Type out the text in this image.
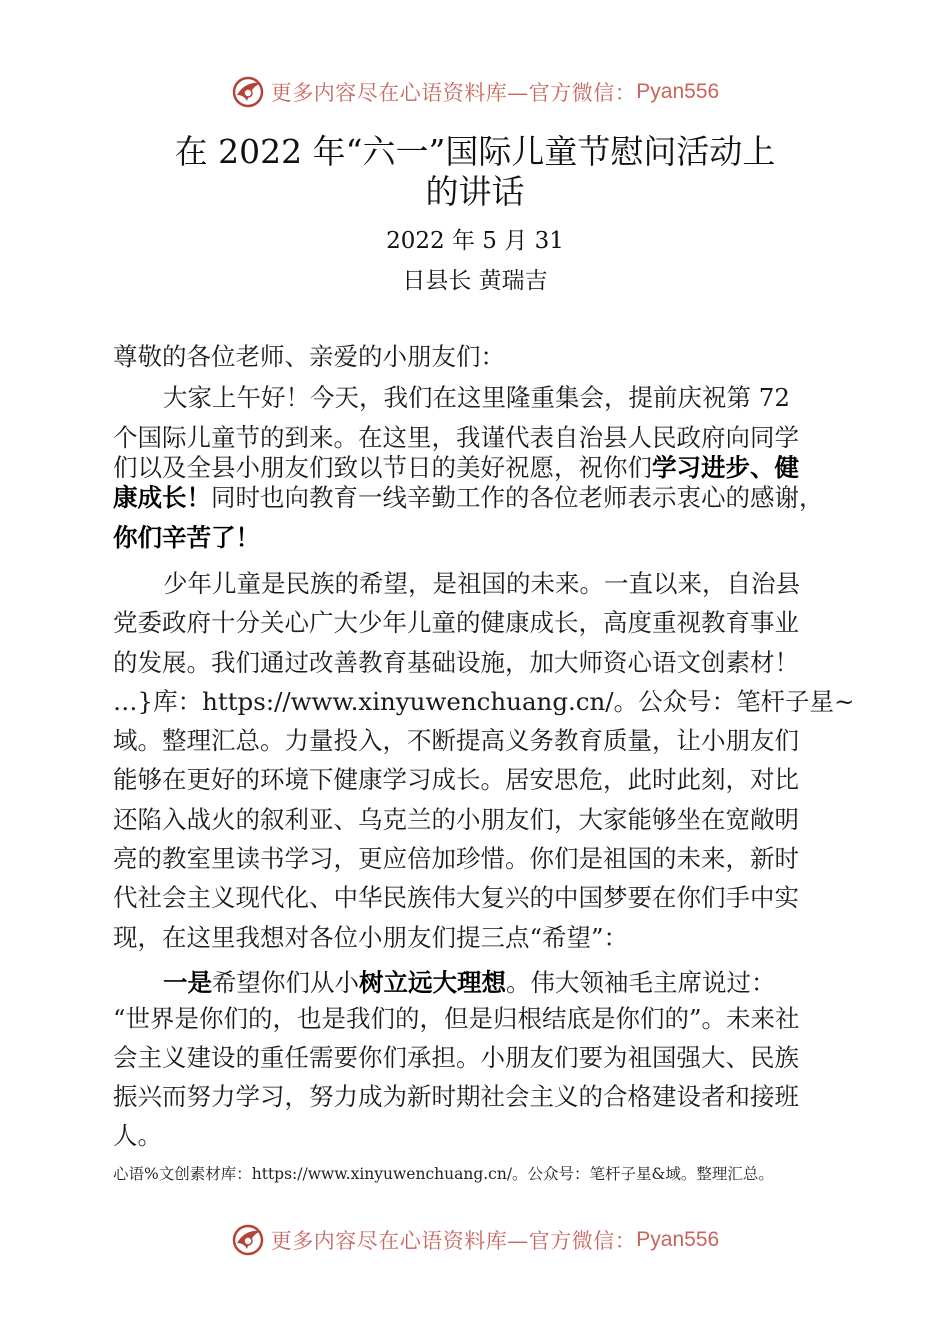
更多内容尽在心语资料库—官方微信： Pyan556
在 2022 年“六一”国际儿童节慰问活动上
的讲话
2022 年 5 月 31
日县长 黄瑞吉
尊敬的各位老师、亲爱的小朋友们：
大家上午好！今天，我们在这里隆重集会，提前庆祝第 72
个国际儿童节的到来。在这里，我谨代表自治县人民政府向同学
们以及全县小朋友们致以节日的美好祝愿，祝你们学习进步、健
康成长！同时也向教育一线辛勤工作的各位老师表示衷心的感谢，
你们辛苦了！
少年儿童是民族的希望，是祖国的未来。一直以来，自治县
党委政府十分关心广大少年儿童的健康成长，高度重视教育事业
的发展。我们通过改善教育基础设施，加大师资心语文创素材！
…}库：https://www.xinyuwenchuang.cn/。公众号：笔杆子星~
域。整理汇总。力量投入，不断提高义务教育质量，让小朋友们
能够在更好的环境下健康学习成长。居安思危，此时此刻，对比
还陷入战火的叙利亚、乌克兰的小朋友们，大家能够坐在宽敞明
亮的教室里读书学习，更应倍加珍惜。你们是祖国的未来，新时
代社会主义现代化、中华民族伟大复兴的中国梦要在你们手中实
现，在这里我想对各位小朋友们提三点“希望”：
一是希望你们从小树立远大理想。伟大领袖毛主席说过：
“世界是你们的，也是我们的，但是归根结底是你们的”。未来社
会主义建设的重任需要你们承担。小朋友们要为祖国强大、民族
振兴而努力学习，努力成为新时期社会主义的合格建设者和接班
人。
心语%文创素材库：https://www.xinyuwenchuang.cn/。公众号：笔杆子星&域。整理汇总。
更多内容尽在心语资料库—官方微信： Pyan556
